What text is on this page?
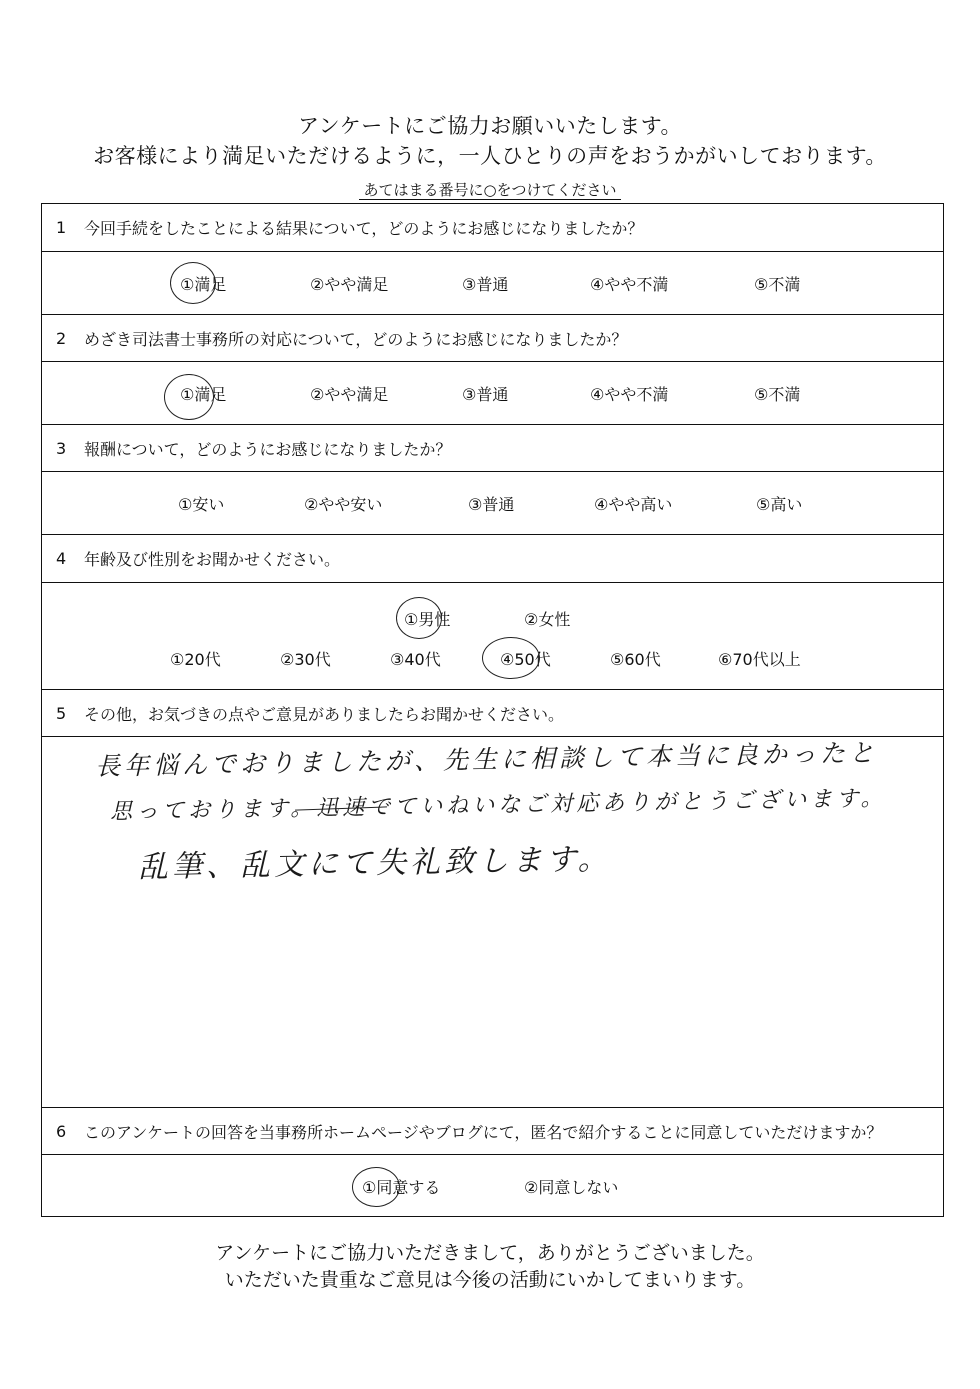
アンケートにご協力お願いいたします。
お客様により満足いただけるように，一人ひとりの声をおうかがいしております。
あてはまる番号に○をつけてください
1	今回手続をしたことによる結果について，どのようにお感じになりましたか？
①満足	②やや満足	③普通	④やや不満	⑤不満
2	めざき司法書士事務所の対応について，どのようにお感じになりましたか？
①満足	②やや満足	③普通	④やや不満	⑤不満
3	報酬について，どのようにお感じになりましたか？
①安い	②やや安い	③普通	④やや高い	⑤高い
4	年齢及び性別をお聞かせください。
①男性	②女性
①20代	②30代	③40代	④50代	⑤60代	⑥70代以上
5	その他，お気づきの点やご意見がありましたらお聞かせください。
6	このアンケートの回答を当事務所ホームページやブログにて，匿名で紹介することに同意していただけますか？
①同意する	②同意しない
長年悩んでおりましたが、先生に相談して本当に良かったと
思っております。迅速でていねいなご対応ありがとうございます。
乱筆、乱文にて失礼致します。
アンケートにご協力いただきまして，ありがとうございました。
いただいた貴重なご意見は今後の活動にいかしてまいります。
